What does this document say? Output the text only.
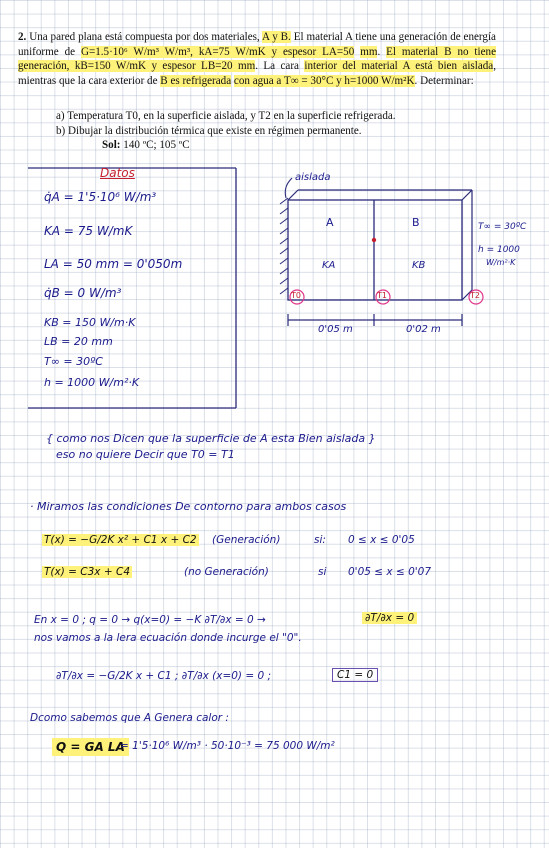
2. Una pared plana está compuesta por dos materiales, A y B. El material A tiene una generación de energía uniforme de G=1.5·10⁶ W/m³ W/m³, kA=75 W/mK y espesor LA=50 mm. El material B no tiene generación, kB=150 W/mK y espesor LB=20 mm. La cara interior del material A está bien aislada, mientras que la cara exterior de B es refrigerada con agua a T∞ = 30°C y h=1000 W/m²K. Determinar:
a) Temperatura T0, en la superficie aislada, y T2 en la superficie refrigerada.
b) Dibujar la distribución térmica que existe en régimen permanente.
Sol: 140 ºC; 105 ºC
Datos
q̇A = 1'5·10⁶ W/m³
KA = 75 W/mK
LA = 50 mm = 0'050m
q̇B = 0 W/m³
KB = 150 W/m·K
LB = 20 mm
T∞ = 30ºC
h = 1000 W/m²·K
aislada
A	B
KA	KB
T0	T1	T2
T∞ = 30ºC
h = 1000
W/m²·K
0'05 m	0'02 m
{ como nos Dicen que la superficie de A esta Bien aislada }
eso no quiere Decir que T0 = T1
· Miramos las condiciones De contorno para ambos casos
T(x) = −G/2K x² + C1 x + C2 (Generación)	si: 0 ≤ x ≤ 0'05
T(x) = C3x + C4	(no Generación)	si 0'05 ≤ x ≤ 0'07
En x = 0 ; q = 0 → q(x=0) = −K ∂T/∂x = 0 →	∂T/∂x = 0
nos vamos a la lera ecuación donde incurge el "0".
∂T/∂x = −G/2K x + C1 ; ∂T/∂x (x=0) = 0 ;	C1 = 0
Dcomo sabemos que A Genera calor :
Q = GA LA
= 1'5·10⁶ W/m³ · 50·10⁻³ = 75 000 W/m²
